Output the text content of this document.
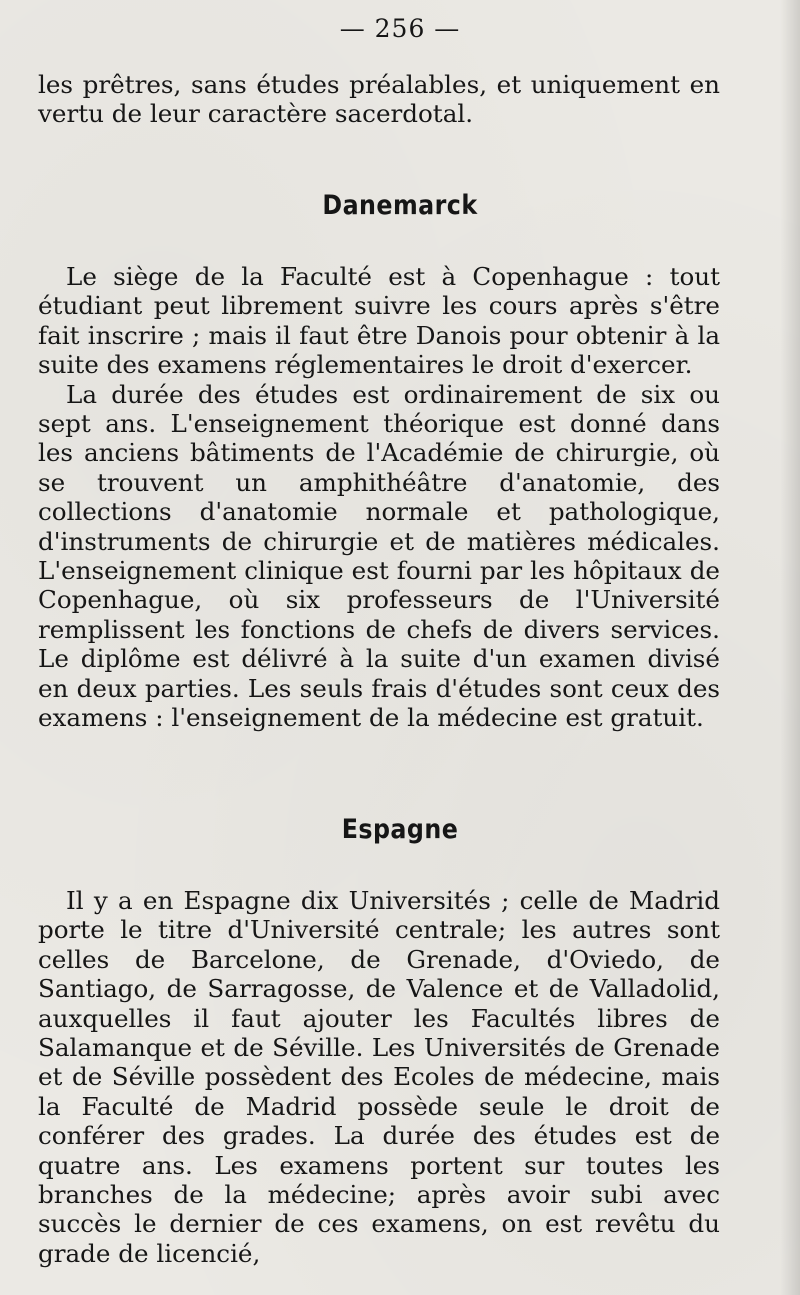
— 256 —

les prêtres, sans études préalables, et uniquement en vertu de leur caractère sacerdotal.

Danemarck

Le siège de la Faculté est à Copenhague : tout étudiant peut librement suivre les cours après s'être fait inscrire ; mais il faut être Danois pour obtenir à la suite des examens réglementaires le droit d'exercer.

La durée des études est ordinairement de six ou sept ans. L'enseignement théorique est donné dans les anciens bâtiments de l'Académie de chirurgie, où se trouvent un amphithéâtre d'anatomie, des collections d'anatomie normale et pathologique, d'instruments de chirurgie et de matières médicales. L'enseignement clinique est fourni par les hôpitaux de Copenhague, où six professeurs de l'Université remplissent les fonctions de chefs de divers services. Le diplôme est délivré à la suite d'un examen divisé en deux parties. Les seuls frais d'études sont ceux des examens : l'enseignement de la médecine est gratuit.

Espagne

Il y a en Espagne dix Universités ; celle de Madrid porte le titre d'Université centrale; les autres sont celles de Barcelone, de Grenade, d'Oviedo, de Santiago, de Sarragosse, de Valence et de Valladolid, auxquelles il faut ajouter les Facultés libres de Salamanque et de Séville. Les Universités de Grenade et de Séville possèdent des Ecoles de médecine, mais la Faculté de Madrid possède seule le droit de conférer des grades. La durée des études est de quatre ans. Les examens portent sur toutes les branches de la médecine; après avoir subi avec succès le dernier de ces examens, on est revêtu du grade de licencié,
